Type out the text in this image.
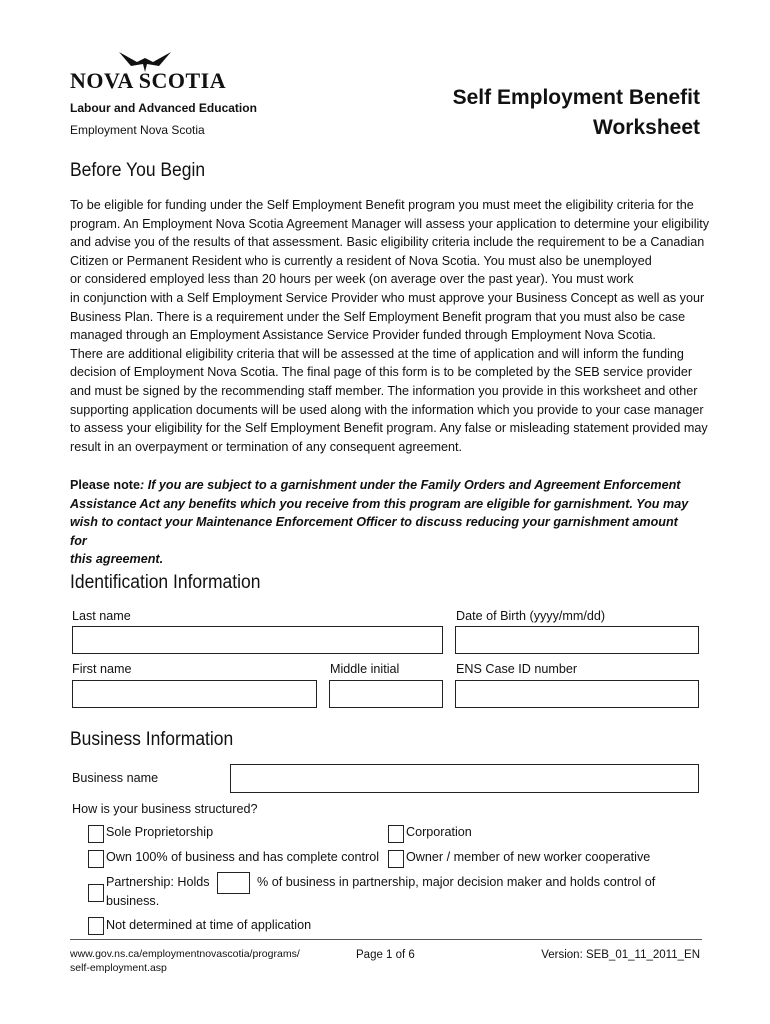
NOVA SCOTIA
Labour and Advanced Education
Employment Nova Scotia
Self Employment Benefit
Worksheet
Before You Begin

To be eligible for funding under the Self Employment Benefit program you must meet the eligibility criteria for the

program. An Employment Nova Scotia Agreement Manager will assess your application to determine your eligibility

and advise you of the results of that assessment. Basic eligibility criteria include the requirement to be a Canadian

Citizen or Permanent Resident who is currently a resident of Nova Scotia. You must also be unemployed

or considered employed less than 20 hours per week (on average over the past year). You must work

in conjunction with a Self Employment Service Provider who must approve your Business Concept as well as your

Business Plan. There is a requirement under the Self Employment Benefit program that you must also be case

managed through an Employment Assistance Service Provider funded through Employment Nova Scotia.

There are additional eligibility criteria that will be assessed at the time of application and will inform the funding

decision of Employment Nova Scotia. The final page of this form is to be completed by the SEB service provider

and must be signed by the recommending staff member. The information you provide in this worksheet and other

supporting application documents will be used along with the information which you provide to your case manager

to assess your eligibility for the Self Employment Benefit program. Any false or misleading statement provided may

result in an overpayment or termination of any consequent agreement.

Please note: If you are subject to a garnishment under the Family Orders and Agreement Enforcement
Assistance Act any benefits which you receive from this program are eligible for garnishment. You may
wish to contact your Maintenance Enforcement Officer to discuss reducing your garnishment amount for
this agreement.
Identification Information
Last name	Date of Birth (yyyy/mm/dd)
First name	Middle initial	ENS Case ID number
Business Information
Business name
How is your business structured?
Sole Proprietorship	Corporation
Own 100% of business and has complete control Owner / member of new worker cooperative
Partnership: Holds	% of business in partnership, major decision maker and holds control of
business.
Not determined at time of application
www.gov.ns.ca/employmentnovascotia/programs/
self-employment.asp
Page 1 of 6	Version: SEB_01_11_2011_EN
